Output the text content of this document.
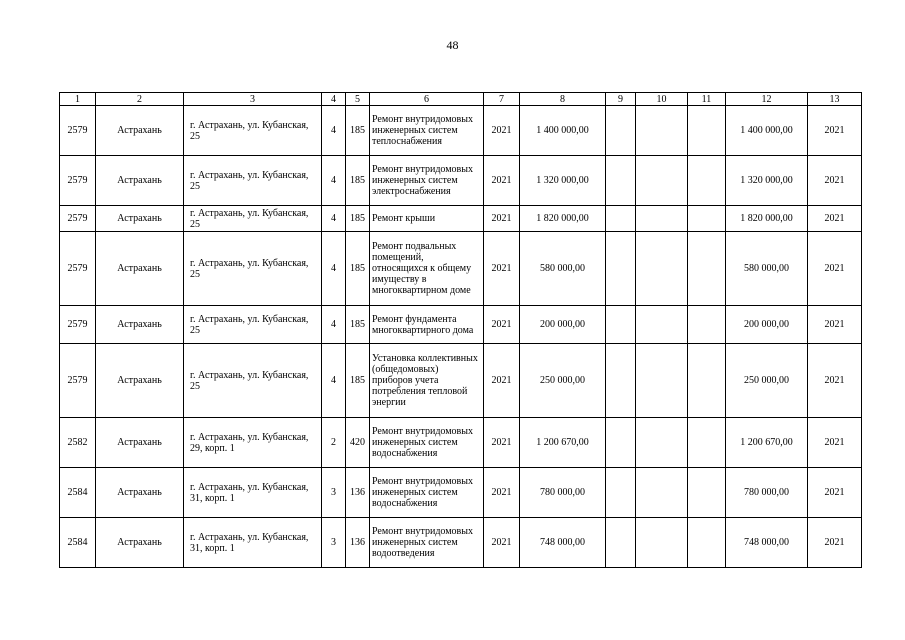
48
1	2	3	4	5	6	7	8	9	10	11	12	13
2579	Астрахань	г. Астрахань, ул. Кубанская, 25	4	185	Ремонт внутридомовых инженерных систем теплоснабжения	2021	1 400 000,00				1 400 000,00	2021
2579	Астрахань	г. Астрахань, ул. Кубанская, 25	4	185	Ремонт внутридомовых инженерных систем электроснабжения	2021	1 320 000,00				1 320 000,00	2021
2579	Астрахань	г. Астрахань, ул. Кубанская, 25	4	185	Ремонт крыши	2021	1 820 000,00				1 820 000,00	2021
2579	Астрахань	г. Астрахань, ул. Кубанская, 25	4	185	Ремонт подвальных помещений, относящихся к общему имуществу в многоквартирном доме	2021	580 000,00				580 000,00	2021
2579	Астрахань	г. Астрахань, ул. Кубанская, 25	4	185	Ремонт фундамента многоквартирного дома	2021	200 000,00				200 000,00	2021
2579	Астрахань	г. Астрахань, ул. Кубанская, 25	4	185	Установка коллективных (общедомовых) приборов учета потребления тепловой энергии	2021	250 000,00				250 000,00	2021
2582	Астрахань	г. Астрахань, ул. Кубанская, 29, корп. 1	2	420	Ремонт внутридомовых инженерных систем водоснабжения	2021	1 200 670,00				1 200 670,00	2021
2584	Астрахань	г. Астрахань, ул. Кубанская, 31, корп. 1	3	136	Ремонт внутридомовых инженерных систем водоснабжения	2021	780 000,00				780 000,00	2021
2584	Астрахань	г. Астрахань, ул. Кубанская, 31, корп. 1	3	136	Ремонт внутридомовых инженерных систем водоотведения	2021	748 000,00				748 000,00	2021
